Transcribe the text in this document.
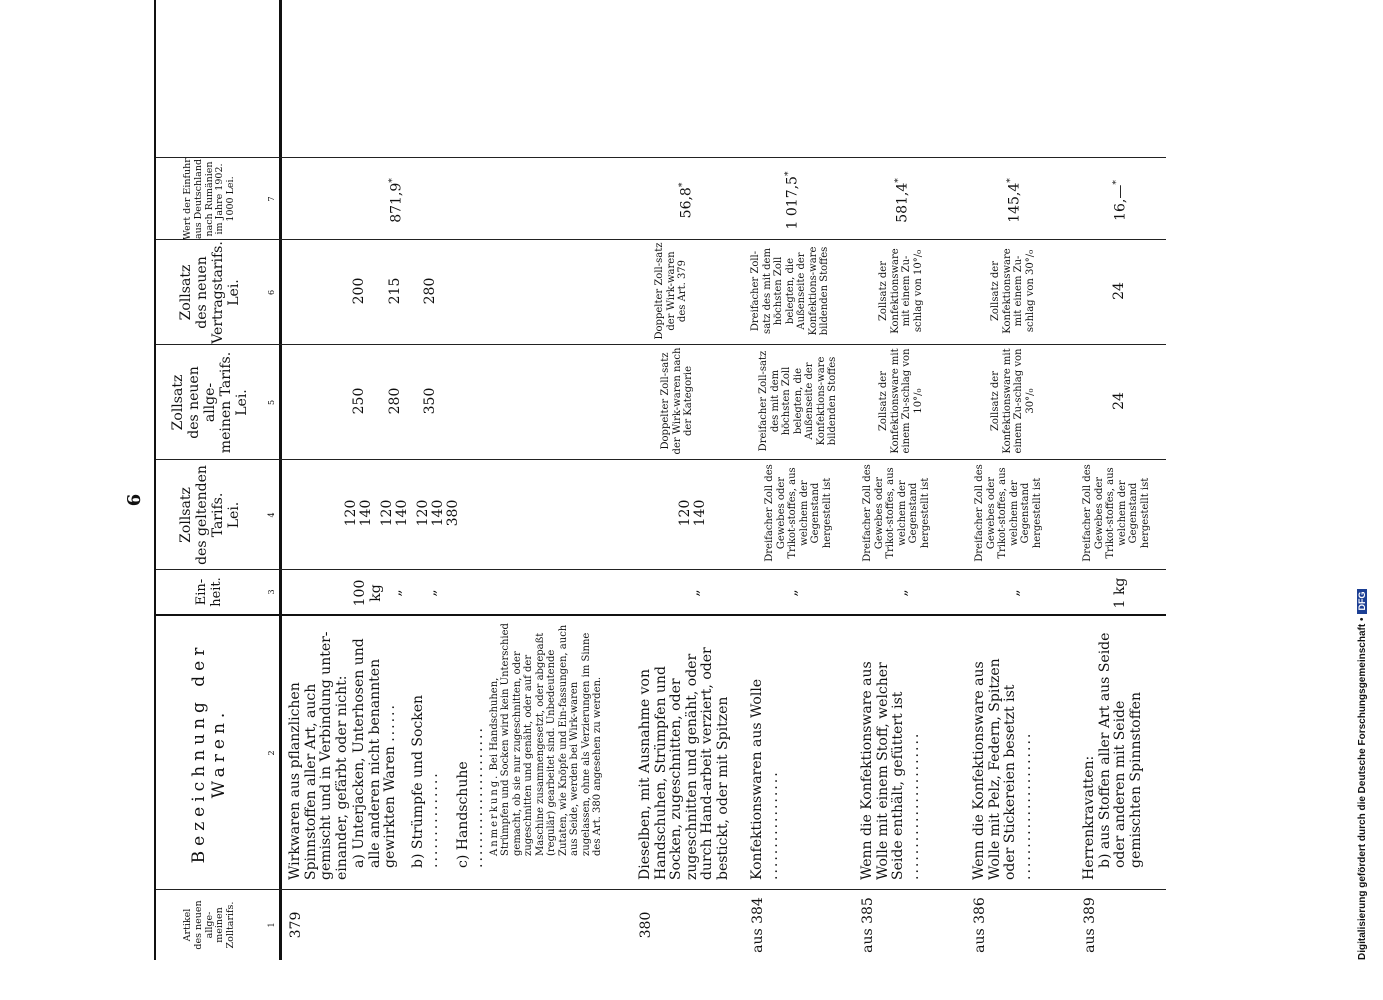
6
Artikel des neuen allge- meinen Zolltarifs.
Bezeichnung der Waren.
Ein- heit.
Zollsatz des geltenden Tarifs. Lei.
Zollsatz des neuen allge- meinen Tarifs. Lei.
Zollsatz des neuen Vertragstarifs. Lei.
Wert der Einfuhr aus Deutschland nach Rumänien im Jahre 1902. 1000 Lei.
1
2
3
4
5
6
7
379
Wirkwaren aus pflanzlichen Spinnstoffen aller Art, auch gemischt und in Verbindung unter-einander, gefärbt oder nicht: a) Unterjacken, Unterhosen und alle anderen nicht benannten gewirkten Waren ...... b) Strümpfe und Socken ............... c) Handschuhe ...................... Anmerkung. Bei Handschuhen, Strümpfen und Socken wird kein Unterschied gemacht, ob sie nur zugeschnitten, oder zugeschnitten und genäht, oder auf der Maschine zusammengesetzt, oder abgepaßt (regulär) gearbeitet sind. Unbedeutende Zutaten, wie Knöpfe und Ein-fassungen, auch aus Seide, werden bei Wirk-waren zugelassen, ohne als Verzierungen im Sinne des Art. 380 angesehen zu werden.
100 kg „ „
120 140 120 140 120 140 380
250 280 350
200 215 280
871,9*
380
Dieselben, mit Ausnahme von Handschuhen, Strümpfen und Socken, zugeschnitten, oder zugeschnitten und genäht, oder durch Hand-arbeit verziert, oder bestickt, oder mit Spitzen
„
120 140
Doppelter Zoll-satz der Wirk-waren nach der Kategorie
Doppelter Zoll-satz der Wirk-waren des Art. 379
56,8*
aus 384
Konfektionswaren aus Wolle .................
„
Dreifacher Zoll des Gewebes oder Trikot-stoffes, aus welchem der Gegenstand hergestellt ist
Dreifacher Zoll-satz des mit dem höchsten Zoll belegten, die Außenseite der Konfektions-ware bildenden Stoffes
Dreifacher Zoll-satz des mit dem höchsten Zoll belegten, die Außenseite der Konfektions-ware bildenden Stoffes
1 017,5*
aus 385
Wenn die Konfektionsware aus Wolle mit einem Stoff, welcher Seide enthält, gefüttert ist .......................
„
Dreifacher Zoll des Gewebes oder Trikot-stoffes, aus welchem der Gegenstand hergestellt ist
Zollsatz der Konfektionsware mit einem Zu-schlag von 10°/₀
Zollsatz der Konfektionsware mit einem Zu-schlag von 10°/₀
581,4*
aus 386
Wenn die Konfektionsware aus Wolle mit Pelz, Federn, Spitzen oder Stickereien besetzt ist .......................
„
Dreifacher Zoll des Gewebes oder Trikot-stoffes, aus welchem der Gegenstand hergestellt ist
Zollsatz der Konfektionsware mit einem Zu-schlag von 30°/₀
Zollsatz der Konfektionsware mit einem Zu-schlag von 30°/₀
145,4*
aus 389
Herrenkravatten: b) aus Stoffen aller Art aus Seide oder anderen mit Seide gemischten Spinnstoffen
1 kg
Dreifacher Zoll des Gewebes oder Trikot-stoffes, aus welchem der Gegenstand hergestellt ist
24
24
16,—*
Digitalisierung gefördert durch die Deutsche Forschungsgemeinschaft •DFG
